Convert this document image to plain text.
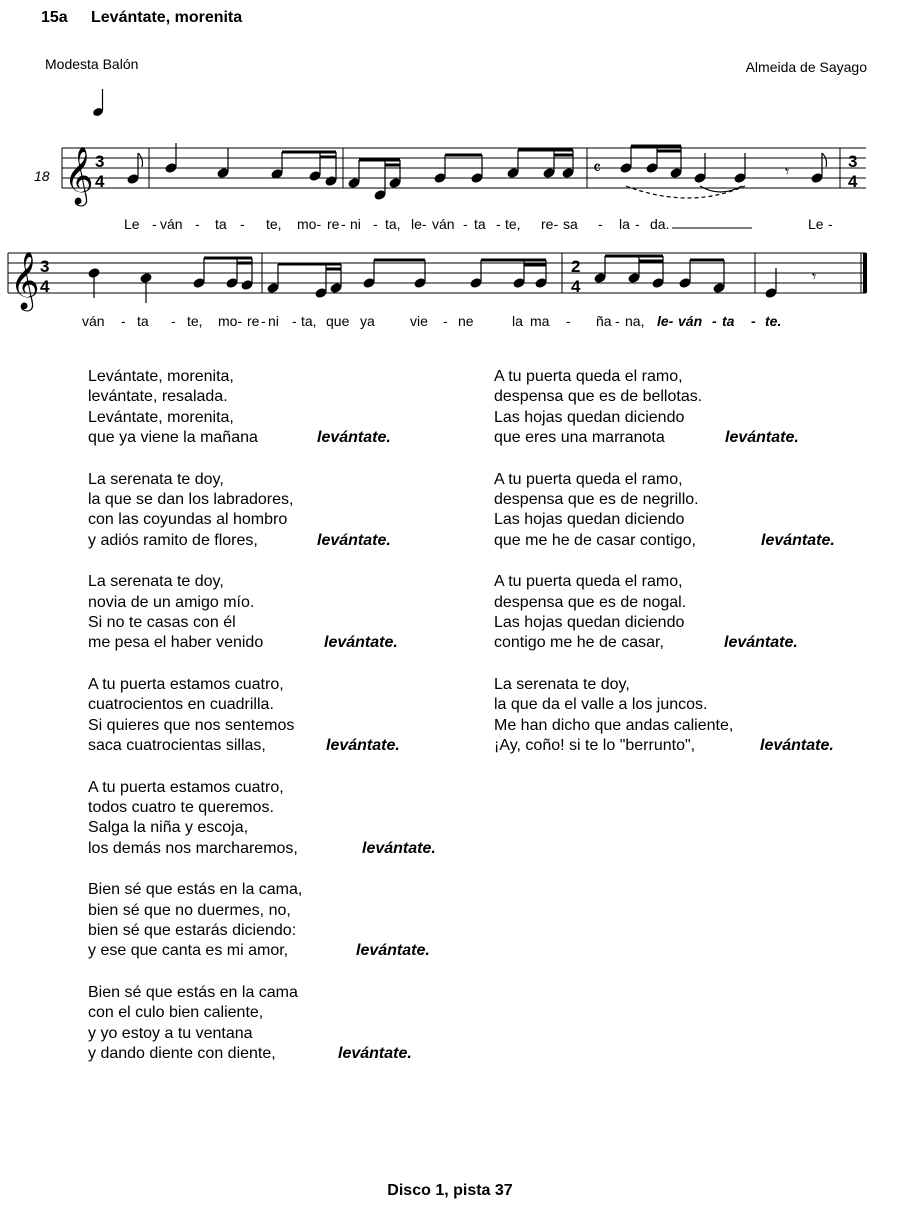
15a Levántate, morenita
Modesta Balón	Almeida de Sayago
18 𝄞 3
4
𝄴	3
4
𝄾
Le - ván - ta - te, mo- re - ni - ta, le- ván - ta - te, re- sa - la - da.	Le -
𝄞 3
4
2
4	𝄾
ván - ta - te, mo- re - ni - ta, que ya	vie - ne	la ma - ña - na, le- ván - ta - te.
Levántate, morenita,
levántate, resalada.
Levántate, morenita,
que ya viene la mañana	levántate.
La serenata te doy,
la que se dan los labradores,
con las coyundas al hombro
y adiós ramito de flores,	levántate.
La serenata te doy,
novia de un amigo mío.
Si no te casas con él
me pesa el haber venido	levántate.
A tu puerta estamos cuatro,
cuatrocientos en cuadrilla.
Si quieres que nos sentemos
saca cuatrocientas sillas,	levántate.
A tu puerta estamos cuatro,
todos cuatro te queremos.
Salga la niña y escoja,
los demás nos marcharemos,	levántate.
Bien sé que estás en la cama,
bien sé que no duermes, no,
bien sé que estarás diciendo:
y ese que canta es mi amor,	levántate.
Bien sé que estás en la cama
con el culo bien caliente,
y yo estoy a tu ventana
y dando diente con diente,	levántate.
A tu puerta queda el ramo,
despensa que es de bellotas.
Las hojas quedan diciendo
que eres una marranota	levántate.
A tu puerta queda el ramo,
despensa que es de negrillo.
Las hojas quedan diciendo
que me he de casar contigo,	levántate.
A tu puerta queda el ramo,
despensa que es de nogal.
Las hojas quedan diciendo
contigo me he de casar,	levántate.
La serenata te doy,
la que da el valle a los juncos.
Me han dicho que andas caliente,
¡Ay, coño! si te lo "berrunto",	levántate.
Disco 1, pista 37
